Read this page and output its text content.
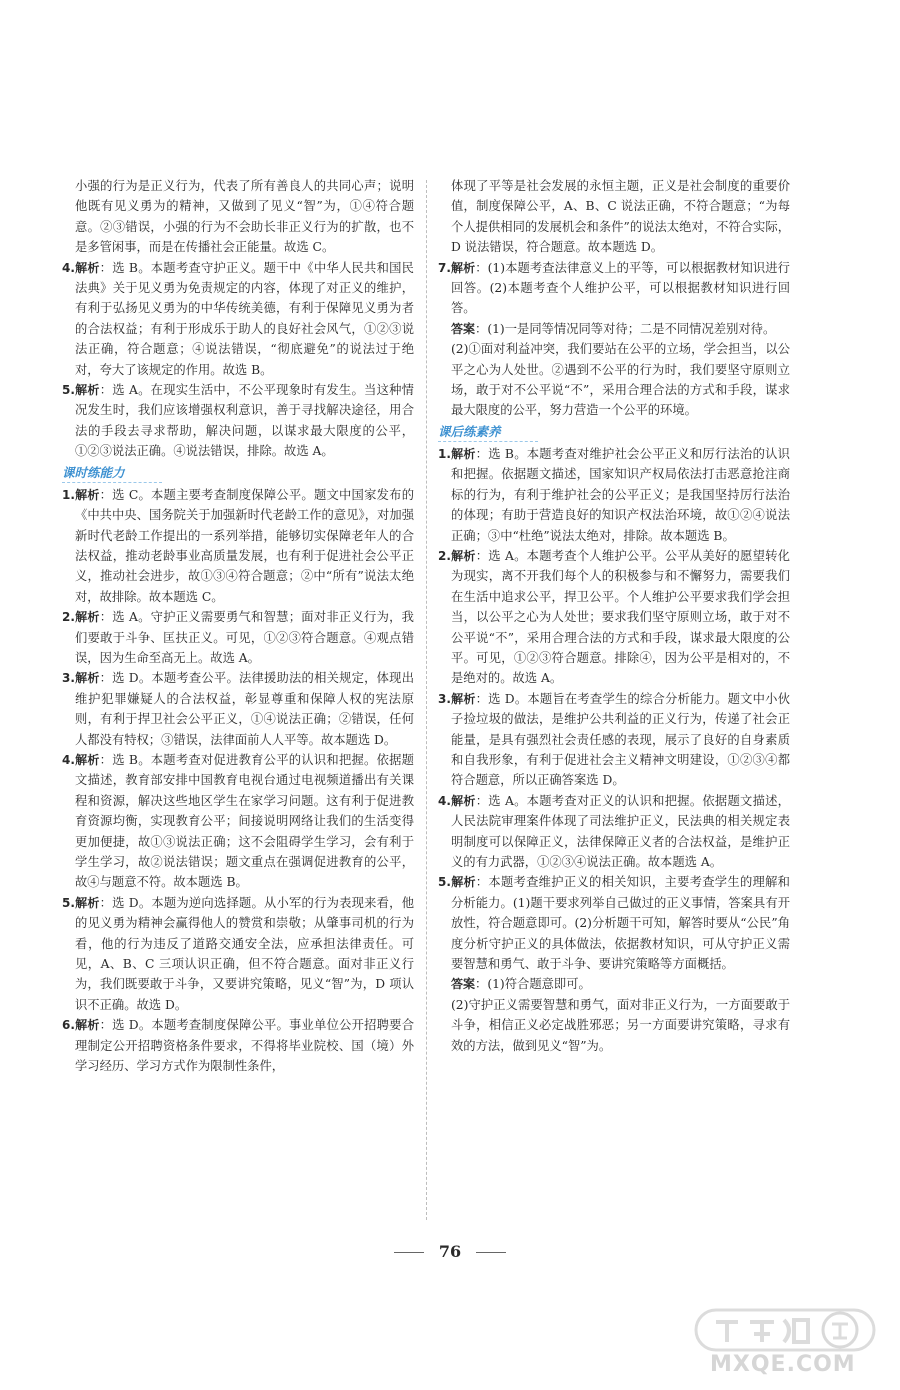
小强的行为是正义行为，代表了所有善良人的共同心声；说明他既有见义勇为的精神，又做到了见义“智”为，①④符合题意。②③错误，小强的行为不会助长非正义行为的扩散，也不是多管闲事，而是在传播社会正能量。故选 C。

4.解析：选 B。本题考查守护正义。题干中《中华人民共和国民法典》关于见义勇为免责规定的内容，体现了对正义的维护，有利于弘扬见义勇为的中华传统美德，有利于保障见义勇为者的合法权益；有利于形成乐于助人的良好社会风气，①②③说法正确，符合题意；④说法错误，“彻底避免”的说法过于绝对，夸大了该规定的作用。故选 B。

5.解析：选 A。在现实生活中，不公平现象时有发生。当这种情况发生时，我们应该增强权利意识，善于寻找解决途径，用合法的手段去寻求帮助，解决问题，以谋求最大限度的公平，①②③说法正确。④说法错误，排除。故选 A。

课时练能力

1.解析：选 C。本题主要考查制度保障公平。题文中国家发布的《中共中央、国务院关于加强新时代老龄工作的意见》，对加强新时代老龄工作提出的一系列举措，能够切实保障老年人的合法权益，推动老龄事业高质量发展，也有利于促进社会公平正义，推动社会进步，故①③④符合题意；②中“所有”说法太绝对，故排除。故本题选 C。

2.解析：选 A。守护正义需要勇气和智慧；面对非正义行为，我们要敢于斗争、匡扶正义。可见，①②③符合题意。④观点错误，因为生命至高无上。故选 A。

3.解析：选 D。本题考查公平。法律援助法的相关规定，体现出维护犯罪嫌疑人的合法权益，彰显尊重和保障人权的宪法原则，有利于捍卫社会公平正义，①④说法正确；②错误，任何人都没有特权；③错误，法律面前人人平等。故本题选 D。

4.解析：选 B。本题考查对促进教育公平的认识和把握。依据题文描述，教育部安排中国教育电视台通过电视频道播出有关课程和资源，解决这些地区学生在家学习问题。这有利于促进教育资源均衡，实现教育公平；间接说明网络让我们的生活变得更加便捷，故①③说法正确；这不会阻碍学生学习，会有利于学生学习，故②说法错误；题文重点在强调促进教育的公平，故④与题意不符。故本题选 B。

5.解析：选 D。本题为逆向选择题。从小军的行为表现来看，他的见义勇为精神会赢得他人的赞赏和崇敬；从肇事司机的行为看，他的行为违反了道路交通安全法，应承担法律责任。可见，A、B、C 三项认识正确，但不符合题意。面对非正义行为，我们既要敢于斗争，又要讲究策略，见义“智”为，D 项认识不正确。故选 D。

6.解析：选 D。本题考查制度保障公平。事业单位公开招聘要合理制定公开招聘资格条件要求，不得将毕业院校、国（境）外学习经历、学习方式作为限制性条件，

体现了平等是社会发展的永恒主题，正义是社会制度的重要价值，制度保障公平，A、B、C 说法正确，不符合题意；“为每个人提供相同的发展机会和条件”的说法太绝对，不符合实际，D 说法错误，符合题意。故本题选 D。

7.解析：(1)本题考查法律意义上的平等，可以根据教材知识进行回答。(2)本题考查个人维护公平，可以根据教材知识进行回答。

答案：(1)一是同等情况同等对待；二是不同情况差别对待。

(2)①面对利益冲突，我们要站在公平的立场，学会担当，以公平之心为人处世。②遇到不公平的行为时，我们要坚守原则立场，敢于对不公平说“不”，采用合理合法的方式和手段，谋求最大限度的公平，努力营造一个公平的环境。

课后练素养

1.解析：选 B。本题考查对维护社会公平正义和厉行法治的认识和把握。依据题文描述，国家知识产权局依法打击恶意抢注商标的行为，有利于维护社会的公平正义；是我国坚持厉行法治的体现；有助于营造良好的知识产权法治环境，故①②④说法正确；③中“杜绝”说法太绝对，排除。故本题选 B。

2.解析：选 A。本题考查个人维护公平。公平从美好的愿望转化为现实，离不开我们每个人的积极参与和不懈努力，需要我们在生活中追求公平，捍卫公平。个人维护公平要求我们学会担当，以公平之心为人处世；要求我们坚守原则立场，敢于对不公平说“不”，采用合理合法的方式和手段，谋求最大限度的公平。可见，①②③符合题意。排除④，因为公平是相对的，不是绝对的。故选 A。

3.解析：选 D。本题旨在考查学生的综合分析能力。题文中小伙子捡垃圾的做法，是维护公共利益的正义行为，传递了社会正能量，是具有强烈社会责任感的表现，展示了良好的自身素质和自我形象，有利于促进社会主义精神文明建设，①②③④都符合题意，所以正确答案选 D。

4.解析：选 A。本题考查对正义的认识和把握。依据题文描述，人民法院审理案件体现了司法维护正义，民法典的相关规定表明制度可以保障正义，法律保障正义者的合法权益，是维护正义的有力武器，①②③④说法正确。故本题选 A。

5.解析：本题考查维护正义的相关知识，主要考查学生的理解和分析能力。(1)题干要求列举自己做过的正义事情，答案具有开放性，符合题意即可。(2)分析题干可知，解答时要从“公民”角度分析守护正义的具体做法，依据教材知识，可从守护正义需要智慧和勇气、敢于斗争、要讲究策略等方面概括。

答案：(1)符合题意即可。

(2)守护正义需要智慧和勇气，面对非正义行为，一方面要敢于斗争，相信正义必定战胜邪恶；另一方面要讲究策略，寻求有效的方法，做到见义“智”为。

76
MXQE.COM
